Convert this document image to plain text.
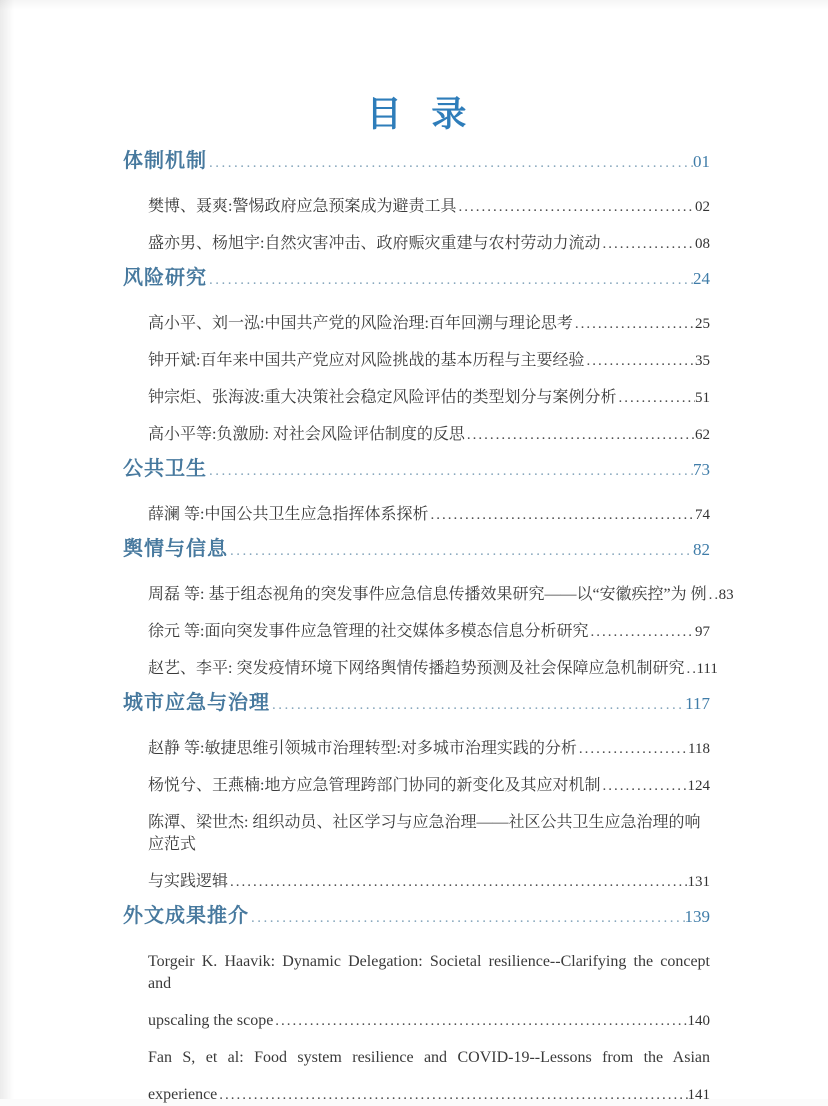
目 录
体制机制 .....	01
樊博、聂爽:警惕政府应急预案成为避责工具 .....	02
盛亦男、杨旭宇:自然灾害冲击、政府赈灾重建与农村劳动力流动 .....	08
风险研究 .....	24
高小平、刘一泓:中国共产党的风险治理:百年回溯与理论思考 .....	25
钟开斌:百年来中国共产党应对风险挑战的基本历程与主要经验 .....	35
钟宗炬、张海波:重大决策社会稳定风险评估的类型划分与案例分析 .....	51
高小平等:负激励: 对社会风险评估制度的反思 .....	62
公共卫生 .....	73
薛澜 等:中国公共卫生应急指挥体系探析 .....	74
舆情与信息 .....	82
周磊 等: 基于组态视角的突发事件应急信息传播效果研究——以“安徽疾控”为 例 ..... 83
徐元 等:面向突发事件应急管理的社交媒体多模态信息分析研究 .....	97
赵艺、李平: 突发疫情环境下网络舆情传播趋势预测及社会保障应急机制研究 ..... 111
城市应急与治理 .....	117
赵静 等:敏捷思维引领城市治理转型:对多城市治理实践的分析 .....	118
杨悦兮、王燕楠:地方应急管理跨部门协同的新变化及其应对机制 .....	124
陈潭、梁世杰: 组织动员、社区学习与应急治理——社区公共卫生应急治理的响应范式
与实践逻辑 .....	131
外文成果推介 .....	139
Torgeir K. Haavik: Dynamic Delegation: Societal resilience--Clarifying the concept and
upscaling the scope .....	140
Fan S, et al: Food system resilience and COVID-19--Lessons from the Asian
experience .....	141
